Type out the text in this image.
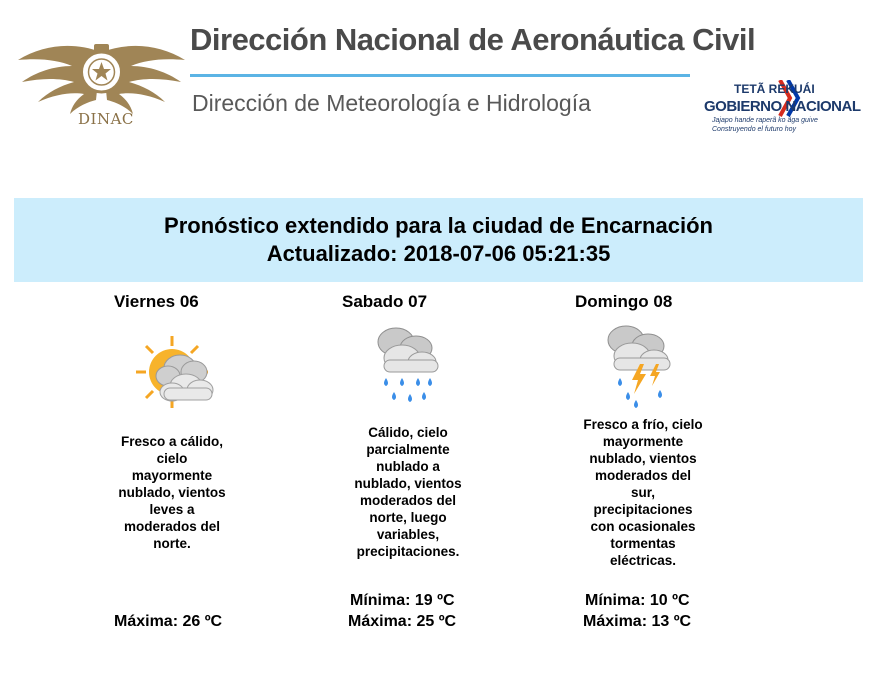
DINAC
Dirección Nacional de Aeronáutica Civil
Dirección de Meteorología e Hidrología
TETÃ REKUÁI
GOBIERNO NACIONAL
Jajapo hande raperã ko ãga guive
Construyendo el futuro hoy
Pronóstico extendido para la ciudad de Encarnación
Actualizado: 2018-07-06 05:21:35
Viernes 06
Fresco a cálido,
cielo
mayormente
nublado, vientos
leves a
moderados del
norte.
Máxima: 26 ºC
Sabado 07
Cálido, cielo
parcialmente
nublado a
nublado, vientos
moderados del
norte, luego
variables,
precipitaciones.
Mínima: 19 ºC
Máxima: 25 ºC
Domingo 08
Fresco a frío, cielo
mayormente
nublado, vientos
moderados del
sur,
precipitaciones
con ocasionales
tormentas
eléctricas.
Mínima: 10 ºC
Máxima: 13 ºC
